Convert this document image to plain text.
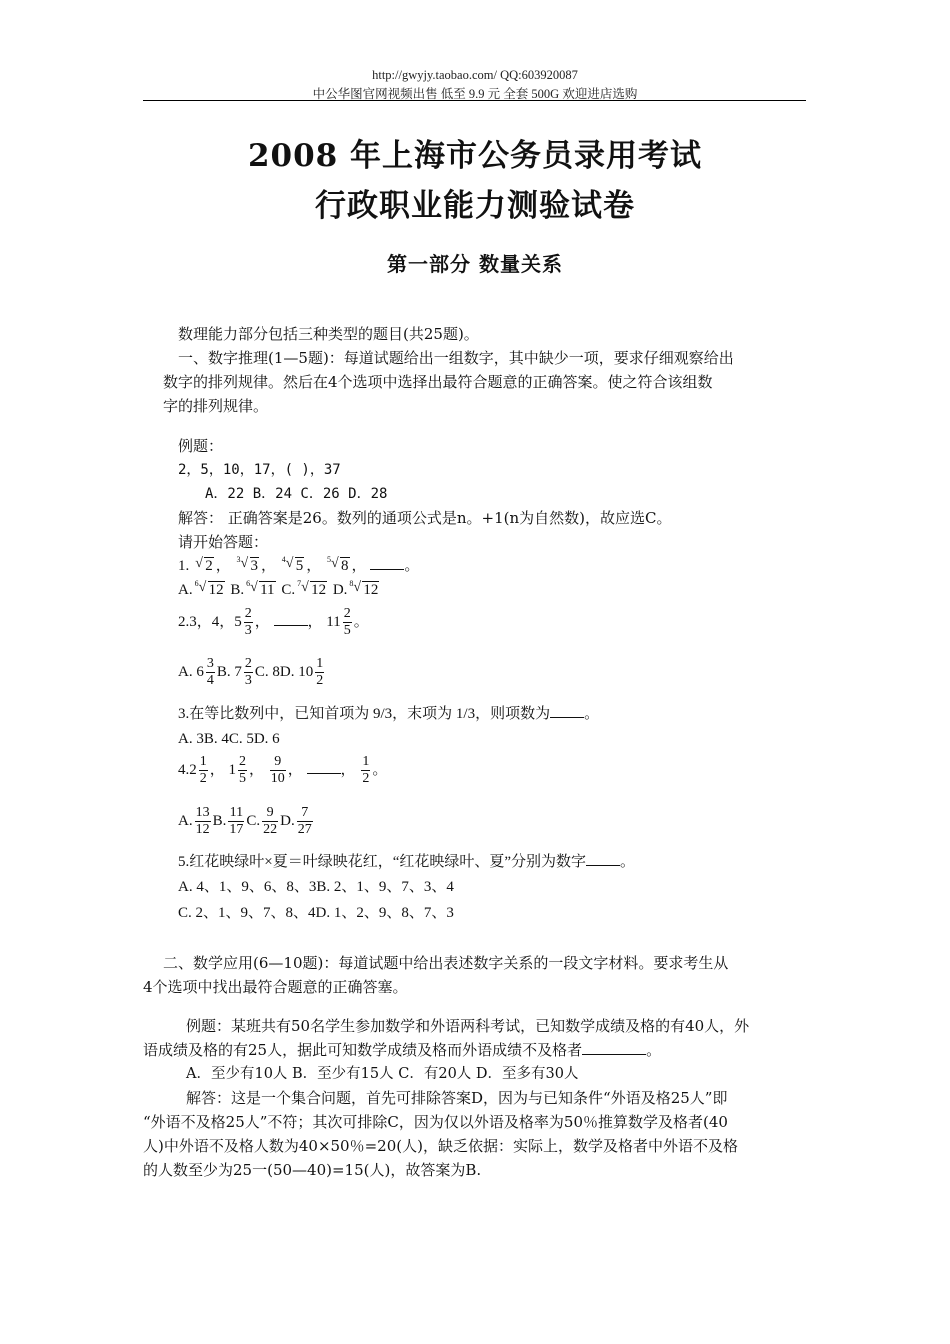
http://gwyjy.taobao.com/ QQ:603920087
中公华图官网视频出售 低至 9.9 元 全套 500G 欢迎进店选购
2008 年上海市公务员录用考试
行政职业能力测验试卷
第一部分 数量关系
数理能力部分包括三种类型的题目(共25题)。
一、数字推理(1—5题)：每道试题给出一组数字，其中缺少一项，要求仔细观察给出
数字的排列规律。然后在4个选项中选择出最符合题意的正确答案。使之符合该组数
字的排列规律。
例题：
2，5，10，17，( )，37
A．22 B．24 C．26 D．28
解答： 正确答案是26。数列的通项公式是n。+1(n为自然数)，故应选C。
请开始答题：
1. √ 2 ， 3 √ 3 ， 4 √ 5 ， 5 √ 8 ，	。
A. 6 √ 12 B. 6 √ 11 C. 7 √ 12 D. 8 √ 12
2.3，4，$5 \frac{2}{3}$ ，	， $11 \frac{2}{5}$ 。
A. $6 \frac{3}{4} B$. $7 \frac{2}{3} C$. 8D. $10 \frac{1}{2}$
3.在等比数列中，已知首项为 9/3，末项为 1/3，则项数为 。
A. 3B. 4C. 5D. 6
$4.2 \frac{1}{2}$ ， $1 \frac{2}{5}$ ， $\frac{9}{10}$ ，	， $\frac{1}{2}$ 。
A. $\frac{13}{12} B$. $\frac{11}{17} C$. $\frac{9}{22} D$. $\frac{7}{27}$
5.红花映绿叶×夏＝叶绿映花红，“红花映绿叶、夏”分别为数字 。
A. 4、1、9、6、8、3B. 2、1、9、7、3、4
C. 2、1、9、7、8、4D. 1、2、9、8、7、3
二、数学应用(6—10题)：每道试题中给出表述数字关系的一段文字材料。要求考生从
4个选项中找出最符合题意的正确答塞。
例题：某班共有50名学生参加数学和外语两科考试，已知数学成绩及格的有40人，外
语成绩及格的有25人，据此可知数学成绩及格而外语成绩不及格者	。
A．至少有10人 B．至少有15人 C．有20人 D．至多有30人
解答：这是一个集合问题，首先可排除答案D，因为与已知条件“外语及格25人”即
“外语不及格25人”不符；其次可排除C，因为仅以外语及格率为50％推算数学及格者(40
人)中外语不及格人数为40×50％=20(人)，缺乏依据：实际上，数学及格者中外语不及格
的人数至少为25一(50—40)=15(人)，故答案为B.
